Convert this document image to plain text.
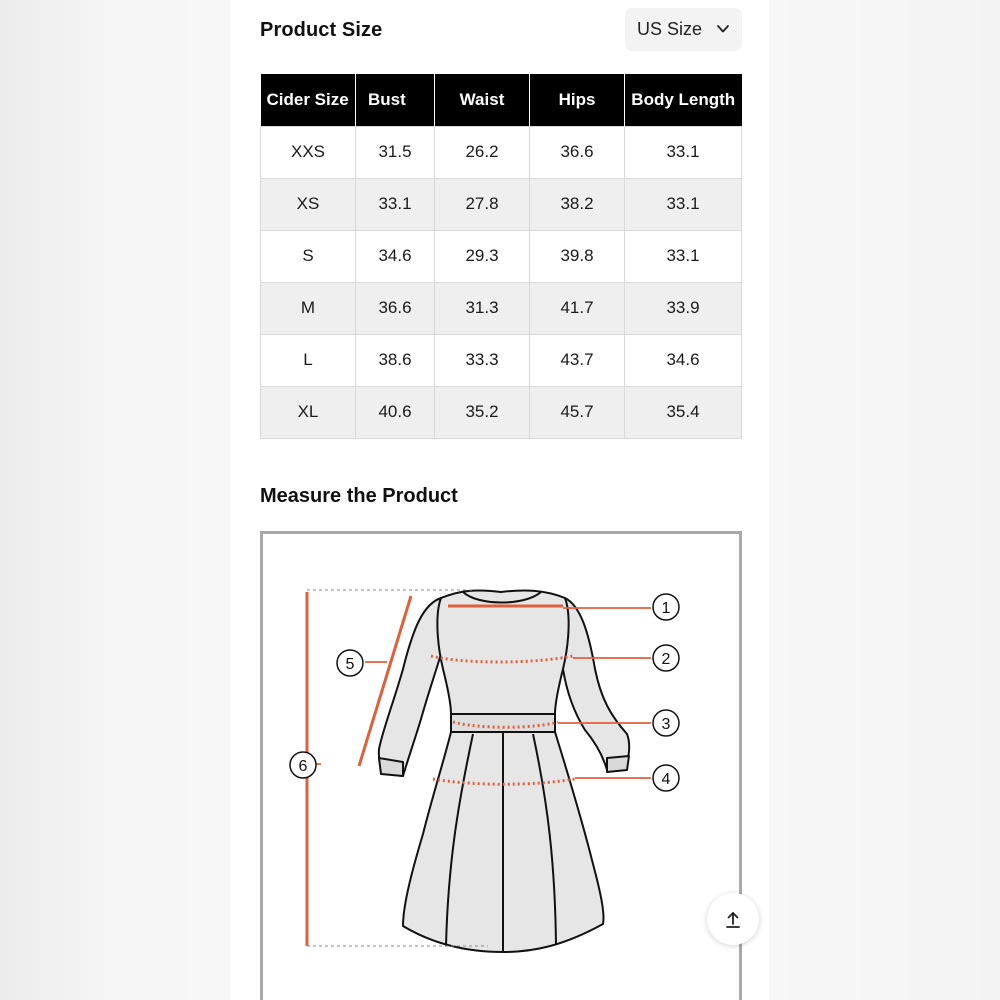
Product Size	US Size
Cider Size	Bust	Waist	Hips	Body Length
XXS	31.5	26.2	36.6	33.1
XS	33.1	27.8	38.2	33.1
S	34.6	29.3	39.8	33.1
M	36.6	31.3	41.7	33.9
L	38.6	33.3	43.7	34.6
XL	40.6	35.2	45.7	35.4
Measure the Product
1
2
3
4
5
6
